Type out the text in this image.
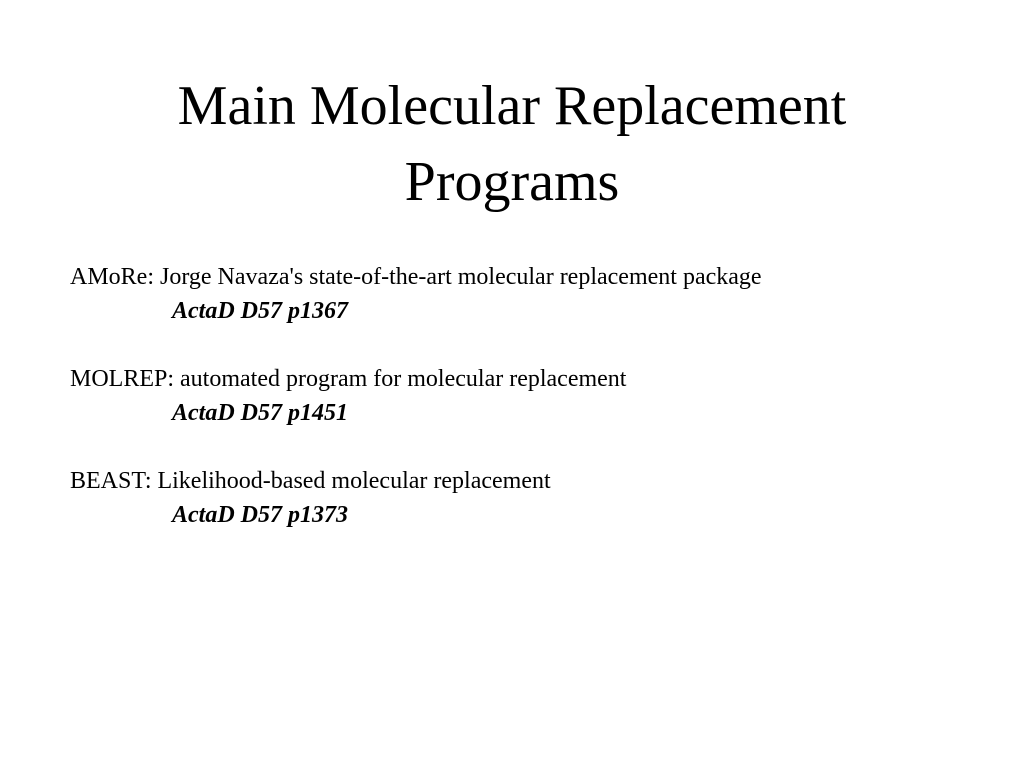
Main Molecular Replacement
Programs
AMoRe: Jorge Navaza's state-of-the-art molecular replacement package
ActaD D57 p1367
MOLREP: automated program for molecular replacement
ActaD D57 p1451
BEAST: Likelihood-based molecular replacement
ActaD D57 p1373
